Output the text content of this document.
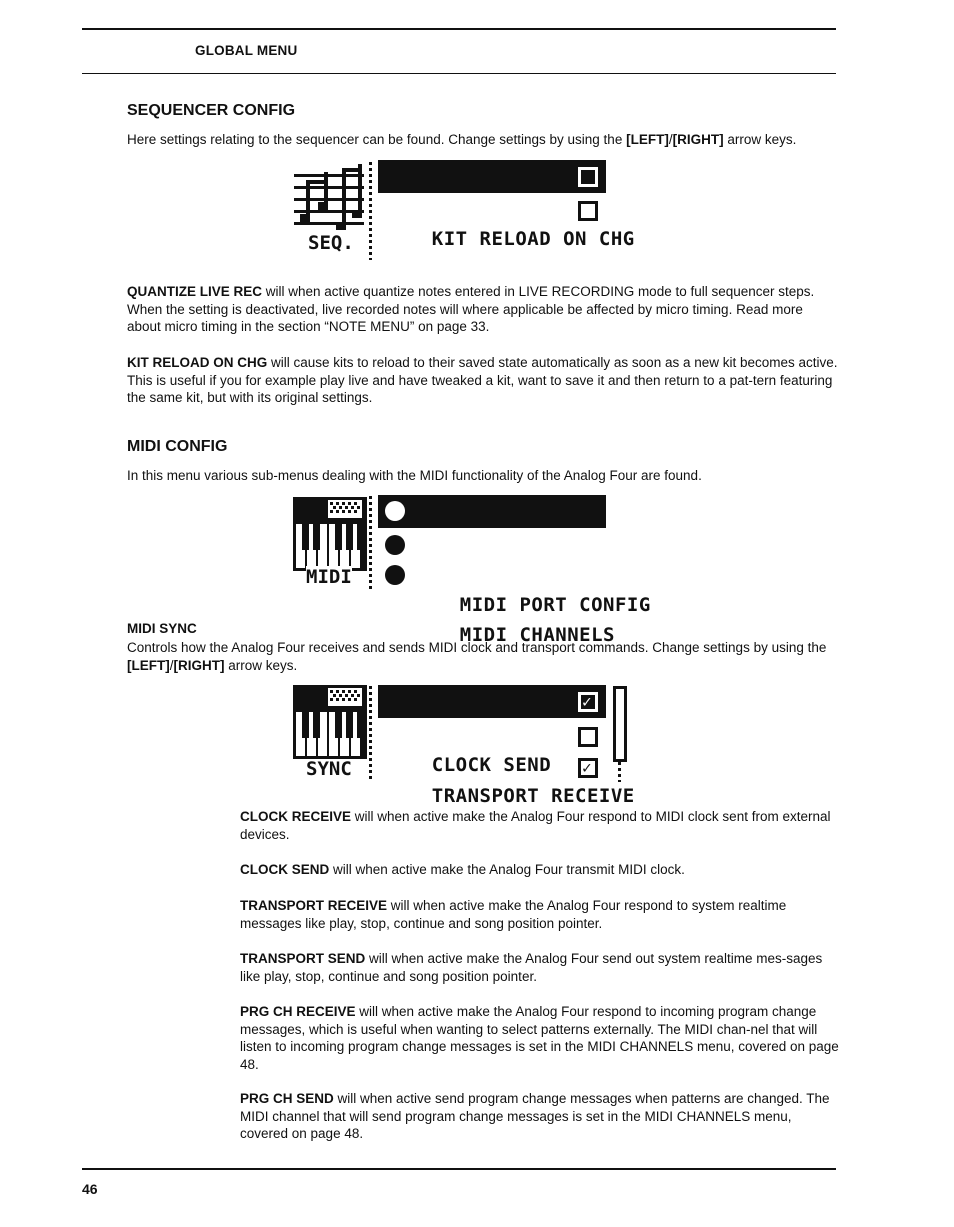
GLOBAL MENU
SEQUENCER CONFIG

Here settings relating to the sequencer can be found. Change settings by using the [LEFT]/[RIGHT] arrow keys.

SEQ.

QUANTIZE LIVE REC

KIT RELOAD ON CHG

QUANTIZE LIVE REC will when active quantize notes entered in LIVE RECORDING mode to full sequencer steps. When the setting is deactivated, live recorded notes will where applicable be affected by micro timing. Read more about micro timing in the section “NOTE MENU” on page 33.

KIT RELOAD ON CHG will cause kits to reload to their saved state automatically as soon as a new kit becomes active. This is useful if you for example play live and have tweaked a kit, want to save it and then return to a pat-tern featuring the same kit, but with its original settings.

MIDI CONFIG

In this menu various sub-menus dealing with the MIDI functionality of the Analog Four are found.

MIDI

	MIDI SYNC

MIDI PORT CONFIG

MIDI CHANNELS

MIDI SYNC

Controls how the Analog Four receives and sends MIDI clock and transport commands. Change settings by using the [LEFT]/[RIGHT] arrow keys.

SYNC

CLOCK RECEIVE

✓

CLOCK SEND

TRANSPORT RECEIVE

✓

CLOCK RECEIVE will when active make the Analog Four respond to MIDI clock sent from external devices.

CLOCK SEND will when active make the Analog Four transmit MIDI clock.

TRANSPORT RECEIVE will when active make the Analog Four respond to system realtime messages like play, stop, continue and song position pointer.

TRANSPORT SEND will when active make the Analog Four send out system realtime mes-sages like play, stop, continue and song position pointer.

PRG CH RECEIVE will when active make the Analog Four respond to incoming program change messages, which is useful when wanting to select patterns externally. The MIDI chan-nel that will listen to incoming program change messages is set in the MIDI CHANNELS menu, covered on page 48.

PRG CH SEND will when active send program change messages when patterns are changed. The MIDI channel that will send program change messages is set in the MIDI CHANNELS menu, covered on page 48.

46
